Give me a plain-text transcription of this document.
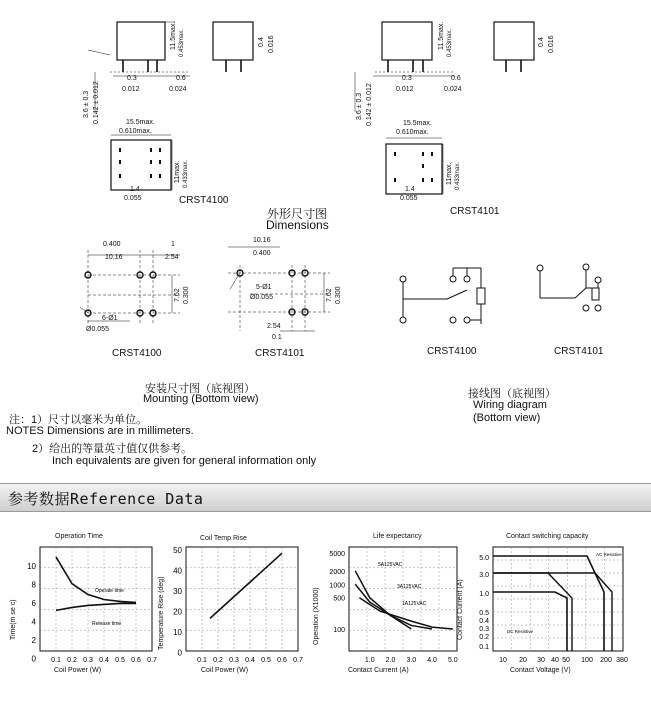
11.5max. 0.453max.	0.4 0.016
3.6 ± 0.3 0.142 ± 0.012
0.3
0.012
0.6
0.024
15.5max.
0.610max.
11max. 0.433max.
1.4
0.055	CRST4100
11.5max. 0.453max.	0.4 0.016
3.6 ± 0.3 0.142 ± 0.012
0.3
0.012
0.6
0.024
15.5max.
0.610max.
11max. 0.433max.
1.4
0.055
CRST4101
外形尺寸图
Dimensions
0.400
10.16
1
2.54
7.62 0.300
6-Ø1
Ø0.055
CRST4100
10.16
0.400
5-Ø1
Ø0.055	7.62 0.300
2.54
0.1
CRST4101
安装尺寸图（底视图）
Mounting (Bottom view)
CRST4100	CRST4101
接线图（底视图）
Wiring diagram
(Bottom view)
注：1）尺寸以毫米为单位。
NOTES Dimensions are in millimeters.
2）给出的等量英寸值仅供参考。
Inch equivalents are given for general information only
参考数据Reference Data
Operation Time
Time(m se c)
Coil Power (W)
10
8
6
4
2
0 0.1 0.2 0.3 0.4 0.5 0.6 0.7
Operate time
Release time
Coil Temp Rise
Temperature Rise (deg)
Coil Power (W)
50
40
30
20
10
0
0.1 0.2 0.3 0.4 0.5 0.6 0.7
Life expectancy
Operation (X1000)
Contact Current (A)
5000
2000
1000
500
100
1.0 2.0 3.0 4.0 5.0
5A125VAC
3A125VAC
1A125VAC
Contact switching capacity
Contact Current (A)
Contact Voltage (V)
5.0
3.0
1.0
0.5
0.4
0.3
0.2
0.1
10 20 30 40 50 100 200 380
AC Resistive
DC Resistive
